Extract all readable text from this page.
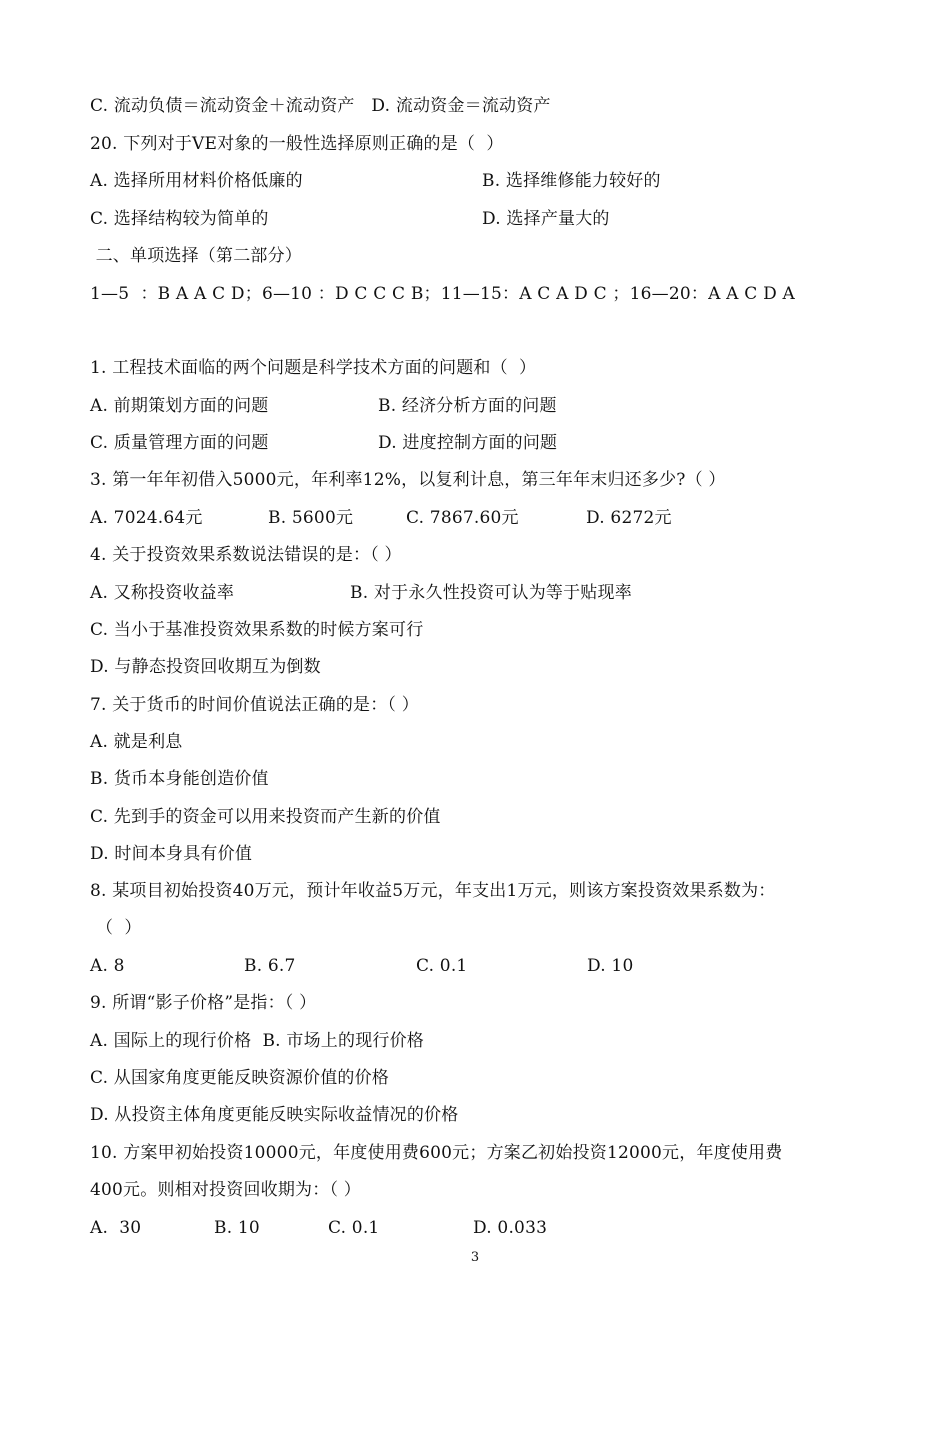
C. 流动负债＝流动资金＋流动资产   D. 流动资金＝流动资产
20. 下列对于VE对象的一般性选择原则正确的是（  ）

A. 选择所用材料价格低廉的

	B. 选择维修能力较好的

C. 选择结构较为简单的

	D. 选择产量大的

二、单项选择（第二部分）
1—5  ：B A A C D；6—10 ：D C C C B；11—15：A C A D C ；16—20：A A C D A
1. 工程技术面临的两个问题是科学技术方面的问题和（  ）

A. 前期策划方面的问题

	B. 经济分析方面的问题

C. 质量管理方面的问题

	D. 进度控制方面的问题

3. 第一年年初借入5000元，年利率12%，以复利计息，第三年年末归还多少?（ ）

A. 7024.64元

	B. 5600元

	C. 7867.60元

	D. 6272元

4. 关于投资效果系数说法错误的是：（ ）

A. 又称投资收益率

	B. 对于永久性投资可认为等于贴现率

C. 当小于基准投资效果系数的时候方案可行
D. 与静态投资回收期互为倒数
7. 关于货币的时间价值说法正确的是：（ ）
A. 就是利息
B. 货币本身能创造价值
C. 先到手的资金可以用来投资而产生新的价值
D. 时间本身具有价值
8. 某项目初始投资40万元，预计年收益5万元，年支出1万元，则该方案投资效果系数为：
（  ）

A. 8

	B. 6.7

	C. 0.1

	D. 10

9. 所谓“影子价格”是指：（ ）
A. 国际上的现行价格  B. 市场上的现行价格
C. 从国家角度更能反映资源价值的价格
D. 从投资主体角度更能反映实际收益情况的价格
10. 方案甲初始投资10000元，年度使用费600元；方案乙初始投资12000元，年度使用费
400元。则相对投资回收期为：（ ）

A.  30

	B. 10

	C. 0.1

	D. 0.033

3
